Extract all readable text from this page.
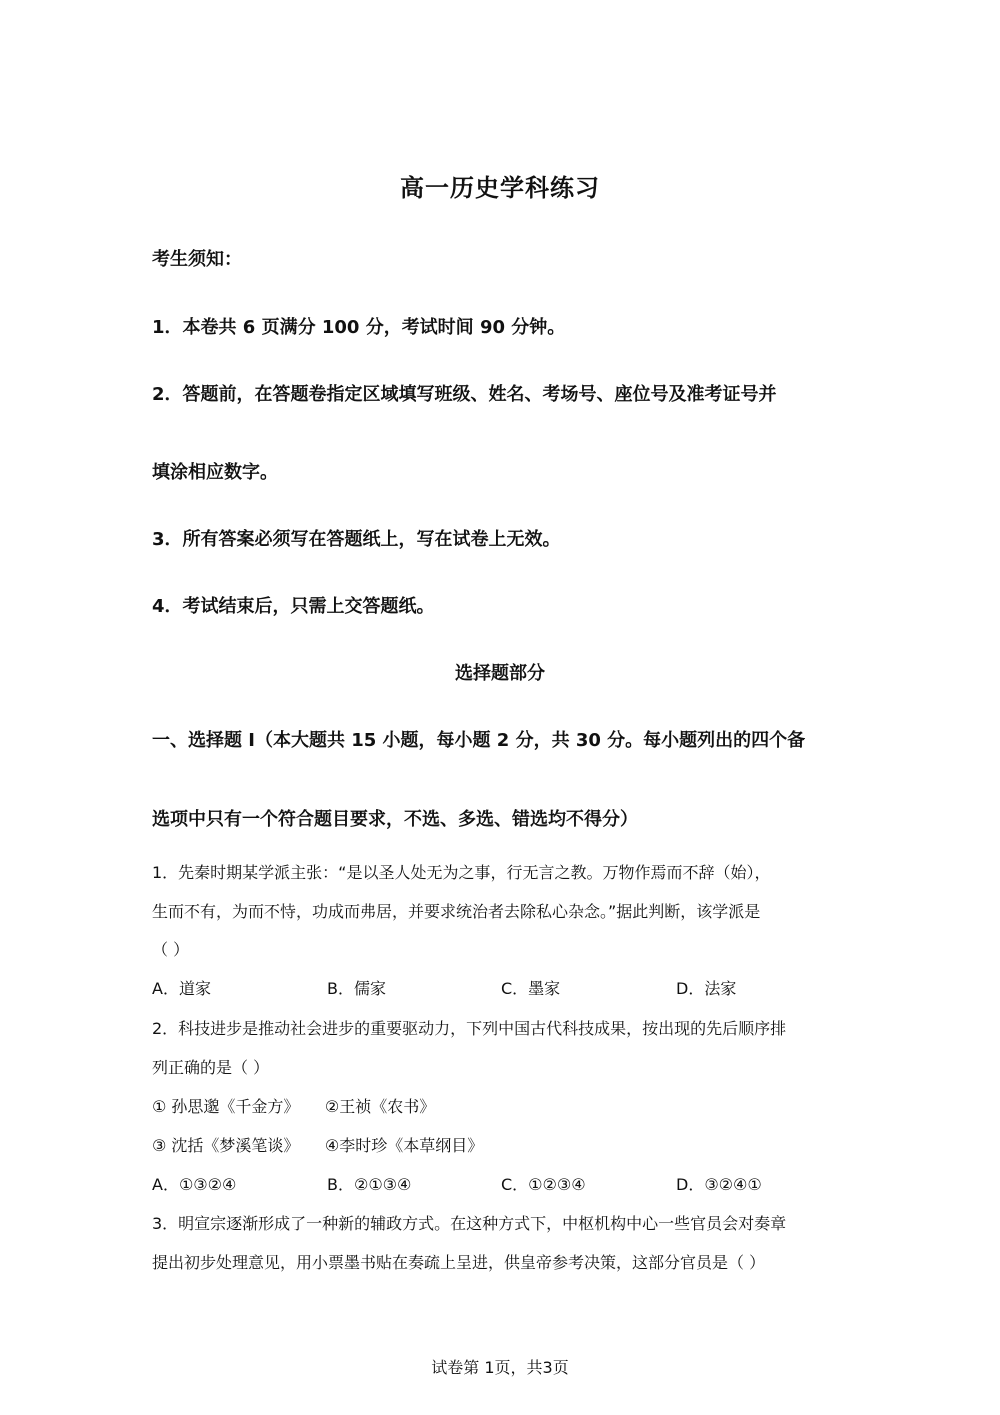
高一历史学科练习
考生须知：
1．本卷共 6 页满分 100 分，考试时间 90 分钟。
2．答题前，在答题卷指定区域填写班级、姓名、考场号、座位号及准考证号并
填涂相应数字。
3．所有答案必须写在答题纸上，写在试卷上无效。
4．考试结束后，只需上交答题纸。
选择题部分
一、选择题 I（本大题共 15 小题，每小题 2 分，共 30 分。每小题列出的四个备
选项中只有一个符合题目要求，不选、多选、错选均不得分）
1．先秦时期某学派主张：“是以圣人处无为之事，行无言之教。万物作焉而不辞（始），
生而不有，为而不恃，功成而弗居，并要求统治者去除私心杂念。”据此判断，该学派是
（ ）
A．道家	B．儒家	C．墨家	D．法家
2．科技进步是推动社会进步的重要驱动力，下列中国古代科技成果，按出现的先后顺序排
列正确的是（ ）
① 孙思邈《千金方》     ②王祯《农书》
③ 沈括《梦溪笔谈》     ④李时珍《本草纲目》
A．①③②④	B．②①③④	C．①②③④	D．③②④①
3．明宣宗逐渐形成了一种新的辅政方式。在这种方式下，中枢机构中心一些官员会对奏章
提出初步处理意见，用小票墨书贴在奏疏上呈进，供皇帝参考决策，这部分官员是（ ）
试卷第 1页，共3页
